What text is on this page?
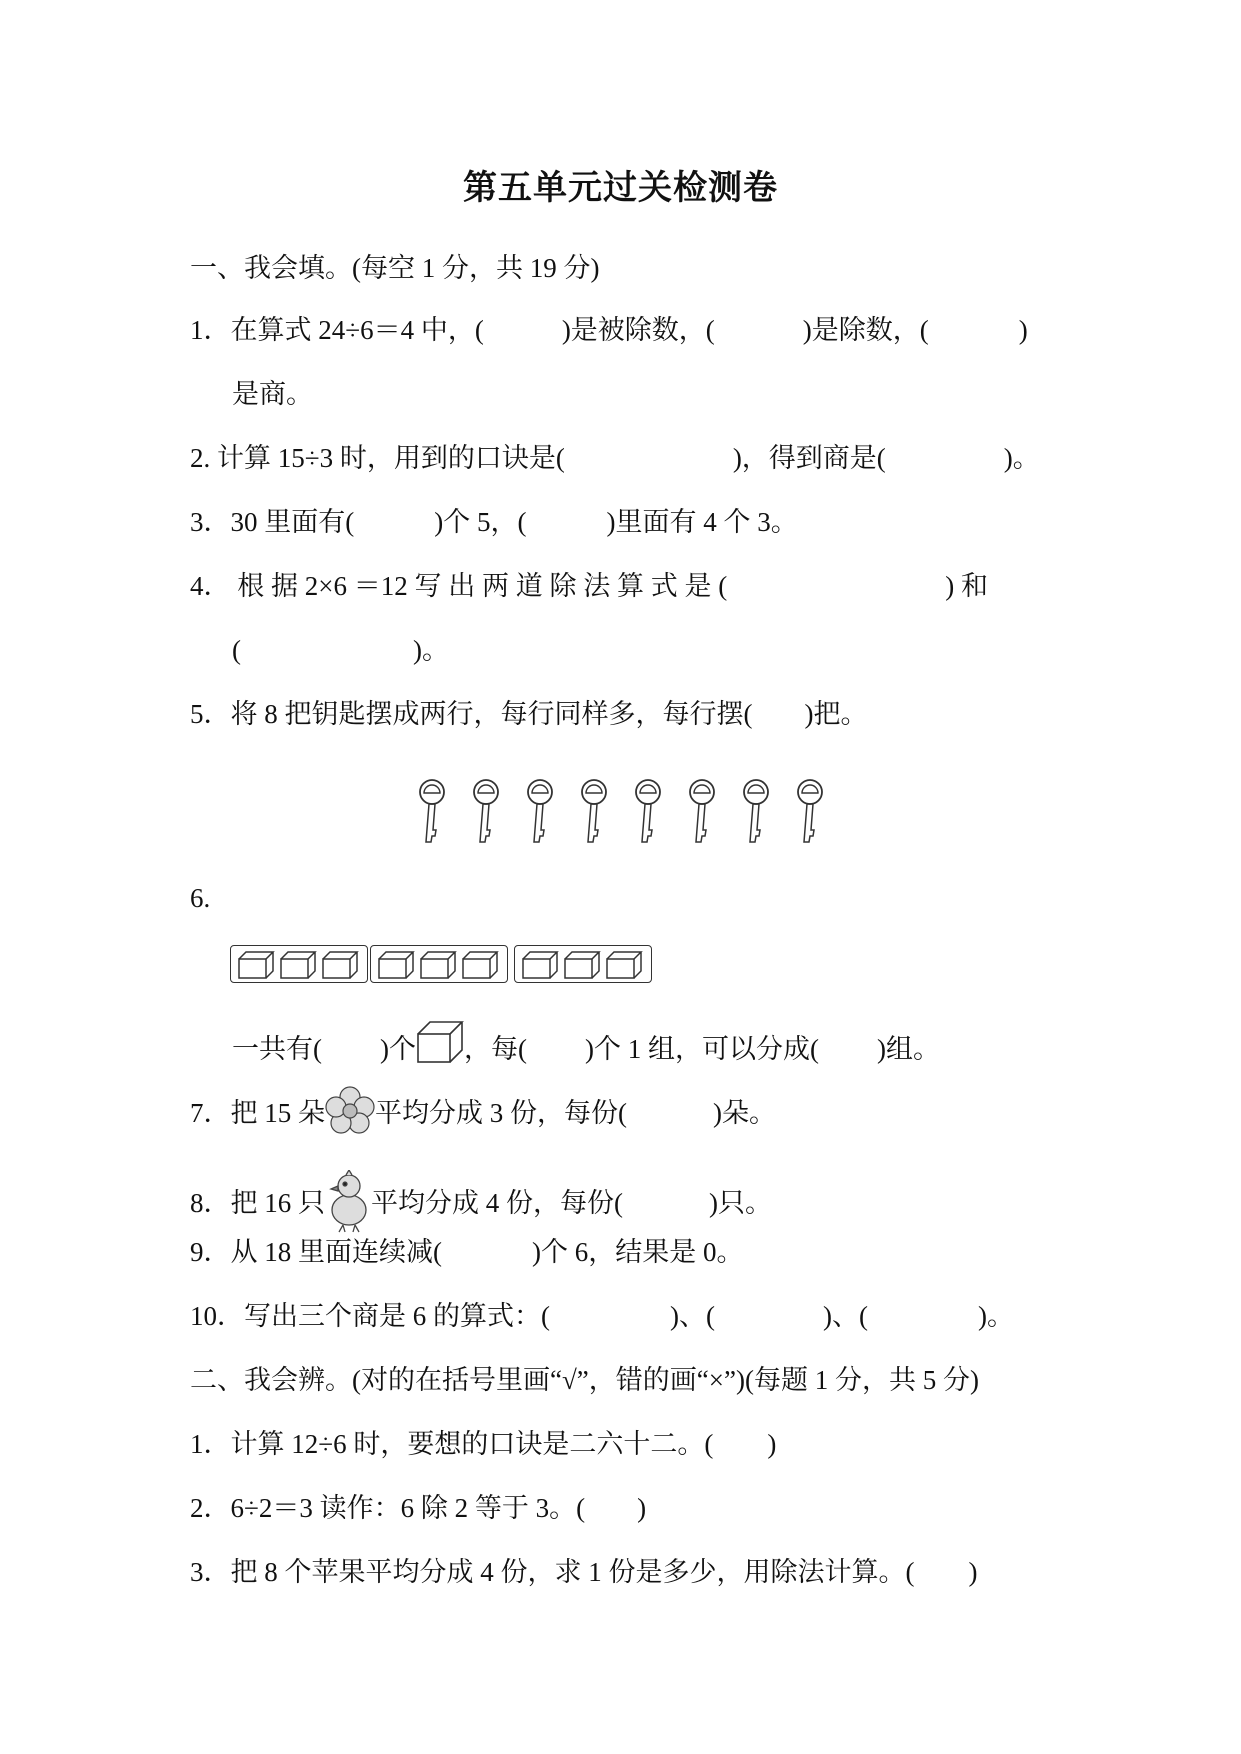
第五单元过关检测卷
一、我会填。(每空 1 分，共 19 分)
1．在算式 24÷6＝4 中，(	)是被除数，(	)是除数，(	)
是商。
2. 计算 15÷3 时，用到的口诀是(	)，得到商是(	)。
3．30 里面有(	)个 5，(	)里面有 4 个 3。
4． 根 据 2×6 ＝12 写 出 两 道 除 法 算 式 是 (	) 和
(	)。
5．将 8 把钥匙摆成两行，每行同样多，每行摆( )把。
6.
一共有( )个 ，每( )个 1 组，可以分成( )组。
7．把 15 朵 平均分成 3 份，每份(	)朵。
8．把 16 只 平均分成 4 份，每份(	)只。
9．从 18 里面连续减(	)个 6，结果是 0。
10．写出三个商是 6 的算式：(	)、(	)、(	)。
二、我会辨。(对的在括号里画“√”，错的画“×”)(每题 1 分，共 5 分)
1．计算 12÷6 时，要想的口诀是二六十二。( )
2．6÷2＝3 读作：6 除 2 等于 3。( )
3．把 8 个苹果平均分成 4 份，求 1 份是多少，用除法计算。( )
